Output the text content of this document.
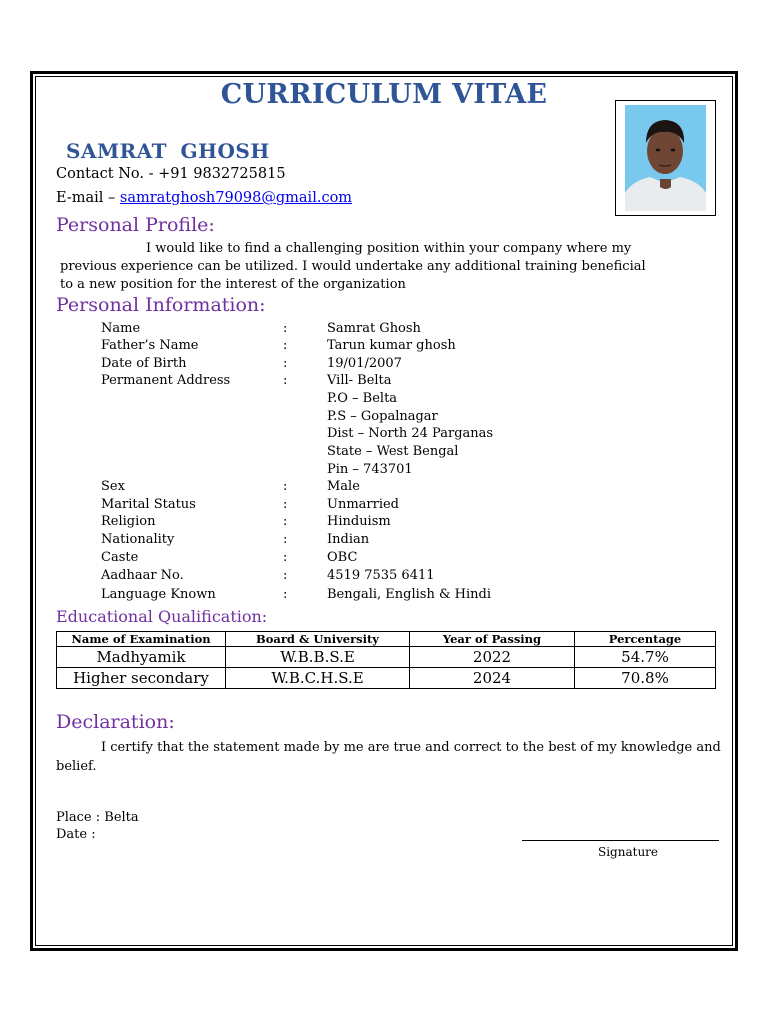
CURRICULUM VITAE
SAMRAT GHOSH
Contact No. - +91 9832725815
E-mail – samratghosh79098@gmail.com
Personal Profile:
I would like to find a challenging position within your company where my
previous experience can be utilized. I would undertake any additional training beneficial
to a new position for the interest of the organization
Personal Information:
Name	:	Samrat Ghosh
Father’s Name	:	Tarun kumar ghosh
Date of Birth	:	19/01/2007
Permanent Address	:	Vill- Belta
P.O – Belta
P.S – Gopalnagar
Dist – North 24 Parganas
State – West Bengal
Pin – 743701
Sex	:	Male
Marital Status	:	Unmarried
Religion	:	Hinduism
Nationality	:	Indian
Caste	:	OBC
Aadhaar No.	:	4519 7535 6411
Language Known	:	Bengali, English & Hindi
Educational Qualification:
Name of Examination	Board & University	Year of Passing	Percentage
Madhyamik	W.B.B.S.E	2022	54.7%
Higher secondary	W.B.C.H.S.E	2024	70.8%
Declaration:
I certify that the statement made by me are true and correct to the best of my knowledge and
belief.
Place : Belta
Date :
Signature
